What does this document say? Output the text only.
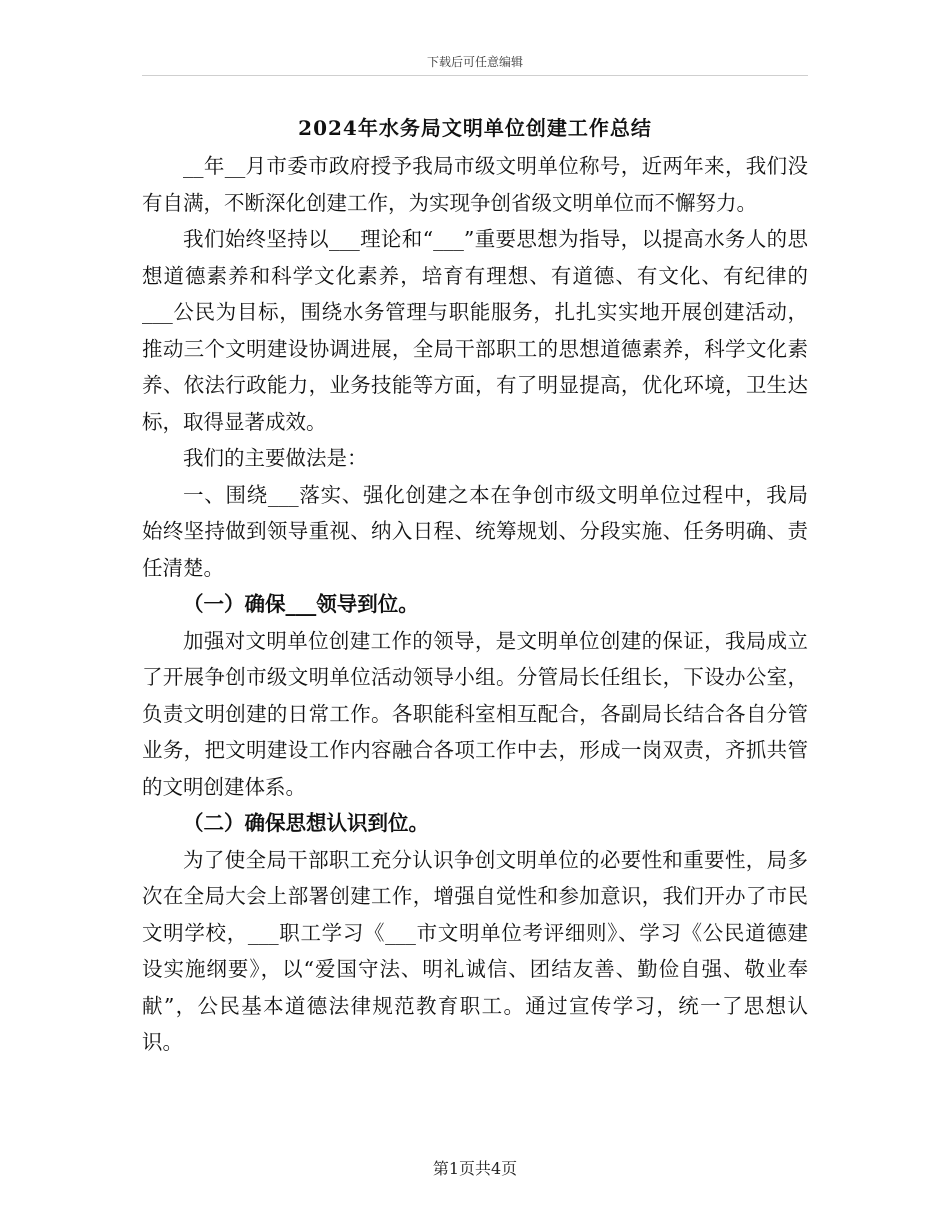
下载后可任意编辑
2024年水务局文明单位创建工作总结

__年__月市委市政府授予我局市级文明单位称号，近两年来，我们没有自满，不断深化创建工作，为实现争创省级文明单位而不懈努力。

我们始终坚持以___理论和“___”重要思想为指导，以提高水务人的思想道德素养和科学文化素养，培育有理想、有道德、有文化、有纪律的___公民为目标，围绕水务管理与职能服务，扎扎实实地开展创建活动，推动三个文明建设协调进展，全局干部职工的思想道德素养，科学文化素养、依法行政能力，业务技能等方面，有了明显提高，优化环境，卫生达标，取得显著成效。

我们的主要做法是：

一、围绕___落实、强化创建之本在争创市级文明单位过程中，我局始终坚持做到领导重视、纳入日程、统筹规划、分段实施、任务明确、责任清楚。

（一）确保___领导到位。

加强对文明单位创建工作的领导，是文明单位创建的保证，我局成立了开展争创市级文明单位活动领导小组。分管局长任组长，下设办公室，负责文明创建的日常工作。各职能科室相互配合，各副局长结合各自分管业务，把文明建设工作内容融合各项工作中去，形成一岗双责，齐抓共管的文明创建体系。

（二）确保思想认识到位。

为了使全局干部职工充分认识争创文明单位的必要性和重要性，局多次在全局大会上部署创建工作，增强自觉性和参加意识，我们开办了市民文明学校，___职工学习《___市文明单位考评细则》、学习《公民道德建设实施纲要》，以“爱国守法、明礼诚信、团结友善、勤俭自强、敬业奉献”，公民基本道德法律规范教育职工。通过宣传学习，统一了思想认识。

第1页共4页
